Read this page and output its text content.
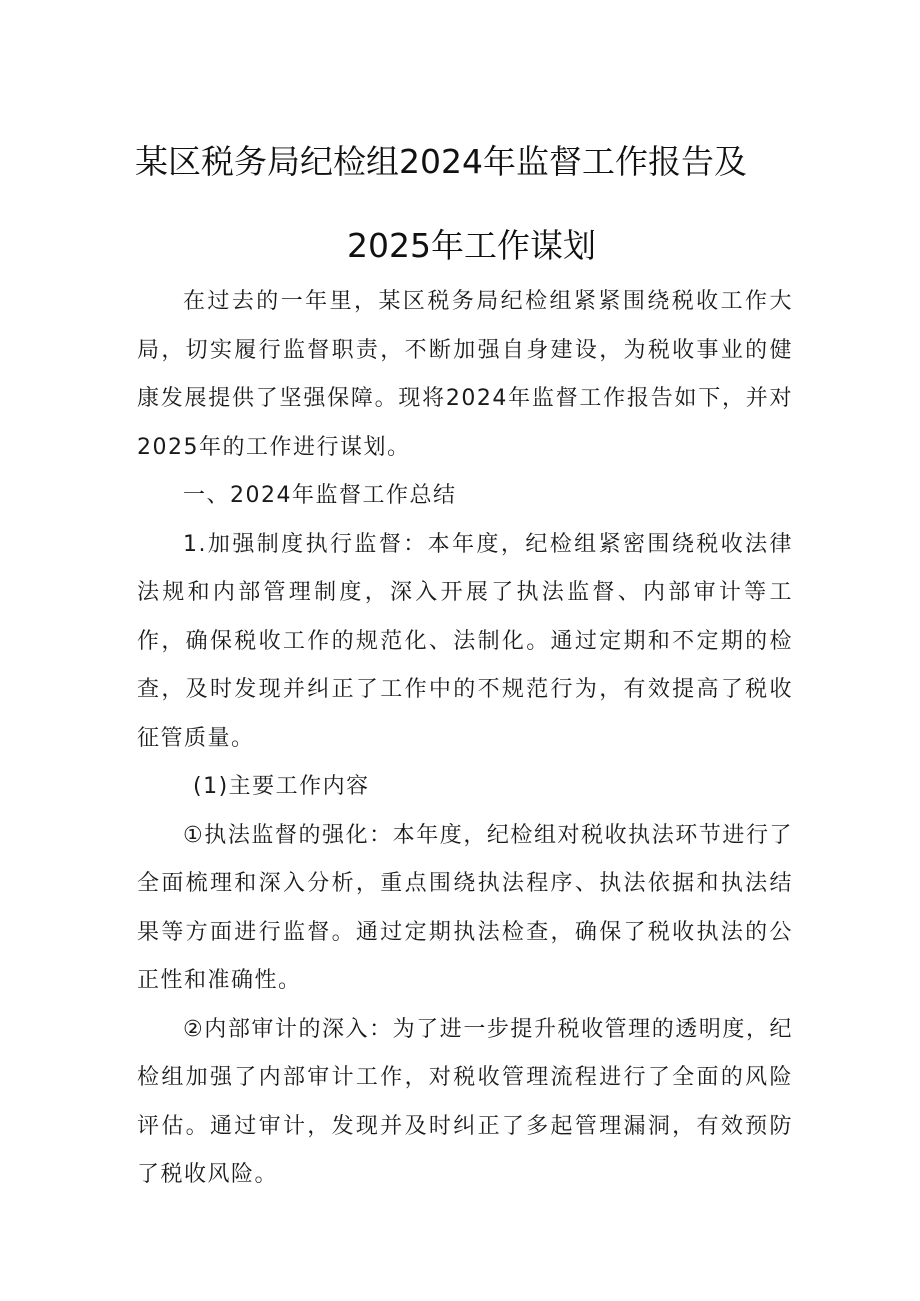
某区税务局纪检组2024年监督工作报告及
2025年工作谋划

在过去的一年里，某区税务局纪检组紧紧围绕税收工作大局，切实履行监督职责，不断加强自身建设，为税收事业的健康发展提供了坚强保障。现将2024年监督工作报告如下，并对2025年的工作进行谋划。

一、2024年监督工作总结

1.加强制度执行监督：本年度，纪检组紧密围绕税收法律法规和内部管理制度，深入开展了执法监督、内部审计等工作，确保税收工作的规范化、法制化。通过定期和不定期的检查，及时发现并纠正了工作中的不规范行为，有效提高了税收征管质量。

(1)主要工作内容

①执法监督的强化：本年度，纪检组对税收执法环节进行了全面梳理和深入分析，重点围绕执法程序、执法依据和执法结果等方面进行监督。通过定期执法检查，确保了税收执法的公正性和准确性。

②内部审计的深入：为了进一步提升税收管理的透明度，纪检组加强了内部审计工作，对税收管理流程进行了全面的风险评估。通过审计，发现并及时纠正了多起管理漏洞，有效预防了税收风险。
